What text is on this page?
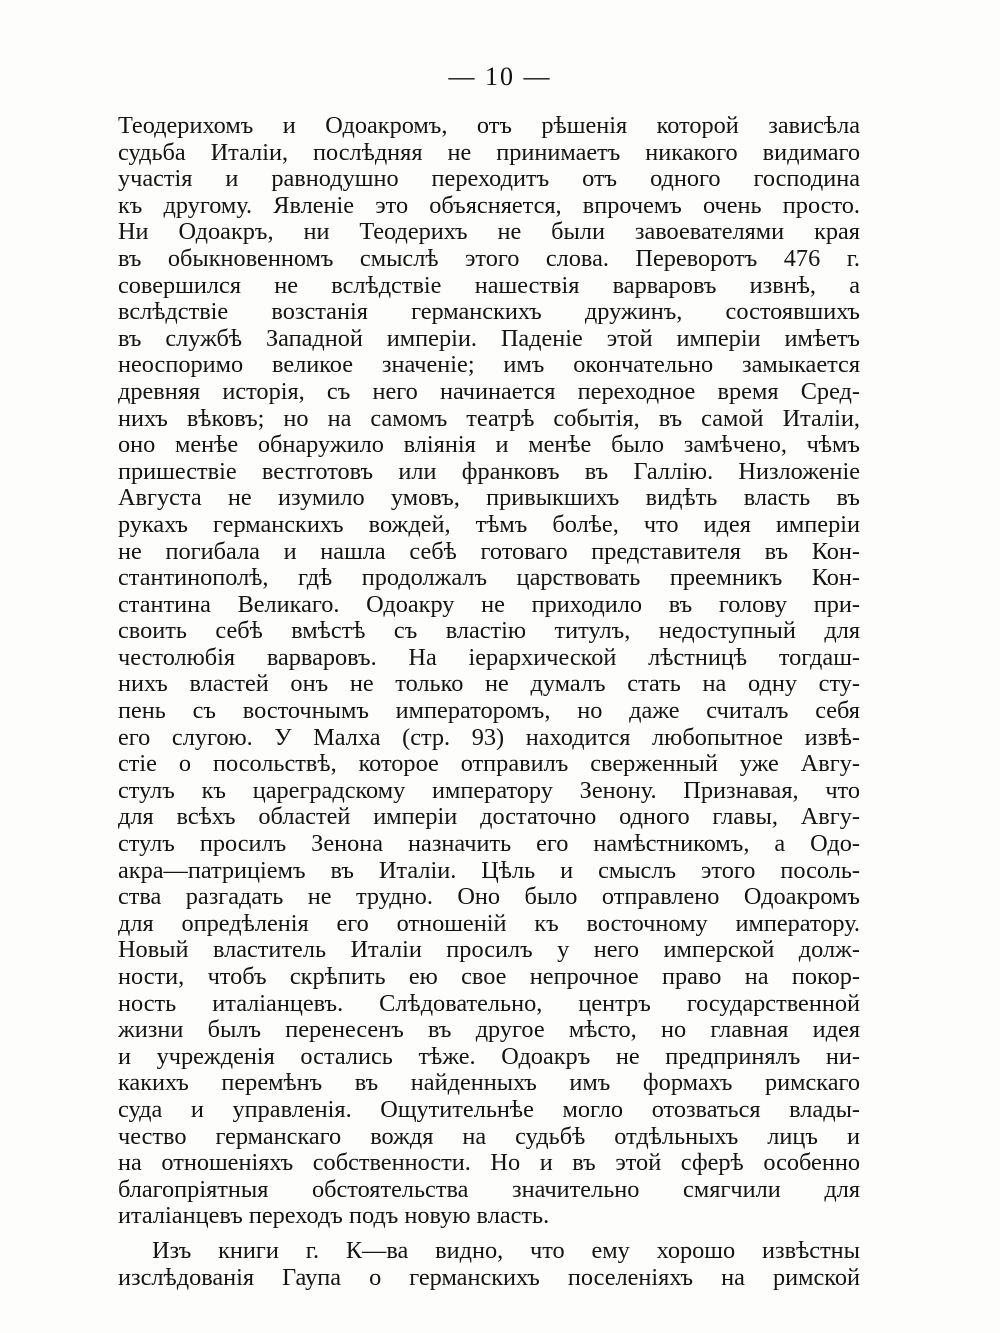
— 10 —
Теодерихомъ и Одоакромъ, отъ рѣшенія которой зависѣла
судьба Италіи, послѣдняя не принимаетъ никакого видимаго
участія и равнодушно переходитъ отъ одного господина
къ другому. Явленіе это объясняется, впрочемъ очень просто.
Ни Одоакръ, ни Теодерихъ не были завоевателями края
въ обыкновенномъ смыслѣ этого слова. Переворотъ 476 г.
совершился не вслѣдствіе нашествія варваровъ извнѣ, а
вслѣдствіе возстанія германскихъ дружинъ, состоявшихъ
въ службѣ Западной имперіи. Паденіе этой имперіи имѣетъ
неоспоримо великое значеніе; имъ окончательно замыкается
древняя исторія, съ него начинается переходное время Сред-
нихъ вѣковъ; но на самомъ театрѣ событія, въ самой Италіи,
оно менѣе обнаружило вліянія и менѣе было замѣчено, чѣмъ
пришествіе вестготовъ или франковъ въ Галлію. Низложеніе
Августа не изумило умовъ, привыкшихъ видѣть власть въ
рукахъ германскихъ вождей, тѣмъ болѣе, что идея имперіи
не погибала и нашла себѣ готоваго представителя въ Кон-
стантинополѣ, гдѣ продолжалъ царствовать преемникъ Кон-
стантина Великаго. Одоакру не приходило въ голову при-
своить себѣ вмѣстѣ съ властію титулъ, недоступный для
честолюбія варваровъ. На іерархической лѣстницѣ тогдаш-
нихъ властей онъ не только не думалъ стать на одну сту-
пень съ восточнымъ императоромъ, но даже считалъ себя
его слугою. У Малха (стр. 93) находится любопытное извѣ-
стіе о посольствѣ, которое отправилъ сверженный уже Авгу-
стулъ къ цареградскому императору Зенону. Признавая, что
для всѣхъ областей имперіи достаточно одного главы, Авгу-
стулъ просилъ Зенона назначить его намѣстникомъ, а Одо-
акра—патриціемъ въ Италіи. Цѣль и смыслъ этого посоль-
ства разгадать не трудно. Оно было отправлено Одоакромъ
для опредѣленія его отношеній къ восточному императору.
Новый властитель Италіи просилъ у него имперской долж-
ности, чтобъ скрѣпить ею свое непрочное право на покор-
ность италіанцевъ. Слѣдовательно, центръ государственной
жизни былъ перенесенъ въ другое мѣсто, но главная идея
и учрежденія остались тѣже. Одоакръ не предпринялъ ни-
какихъ перемѣнъ въ найденныхъ имъ формахъ римскаго
суда и управленія. Ощутительнѣе могло отозваться влады-
чество германскаго вождя на судьбѣ отдѣльныхъ лицъ и
на отношеніяхъ собственности. Но и въ этой сферѣ особенно
благопріятныя обстоятельства значительно смягчили для
италіанцевъ переходъ подъ новую власть.
Изъ книги г. К—ва видно, что ему хорошо извѣстны
изслѣдованія Гаупа о германскихъ поселеніяхъ на римской
